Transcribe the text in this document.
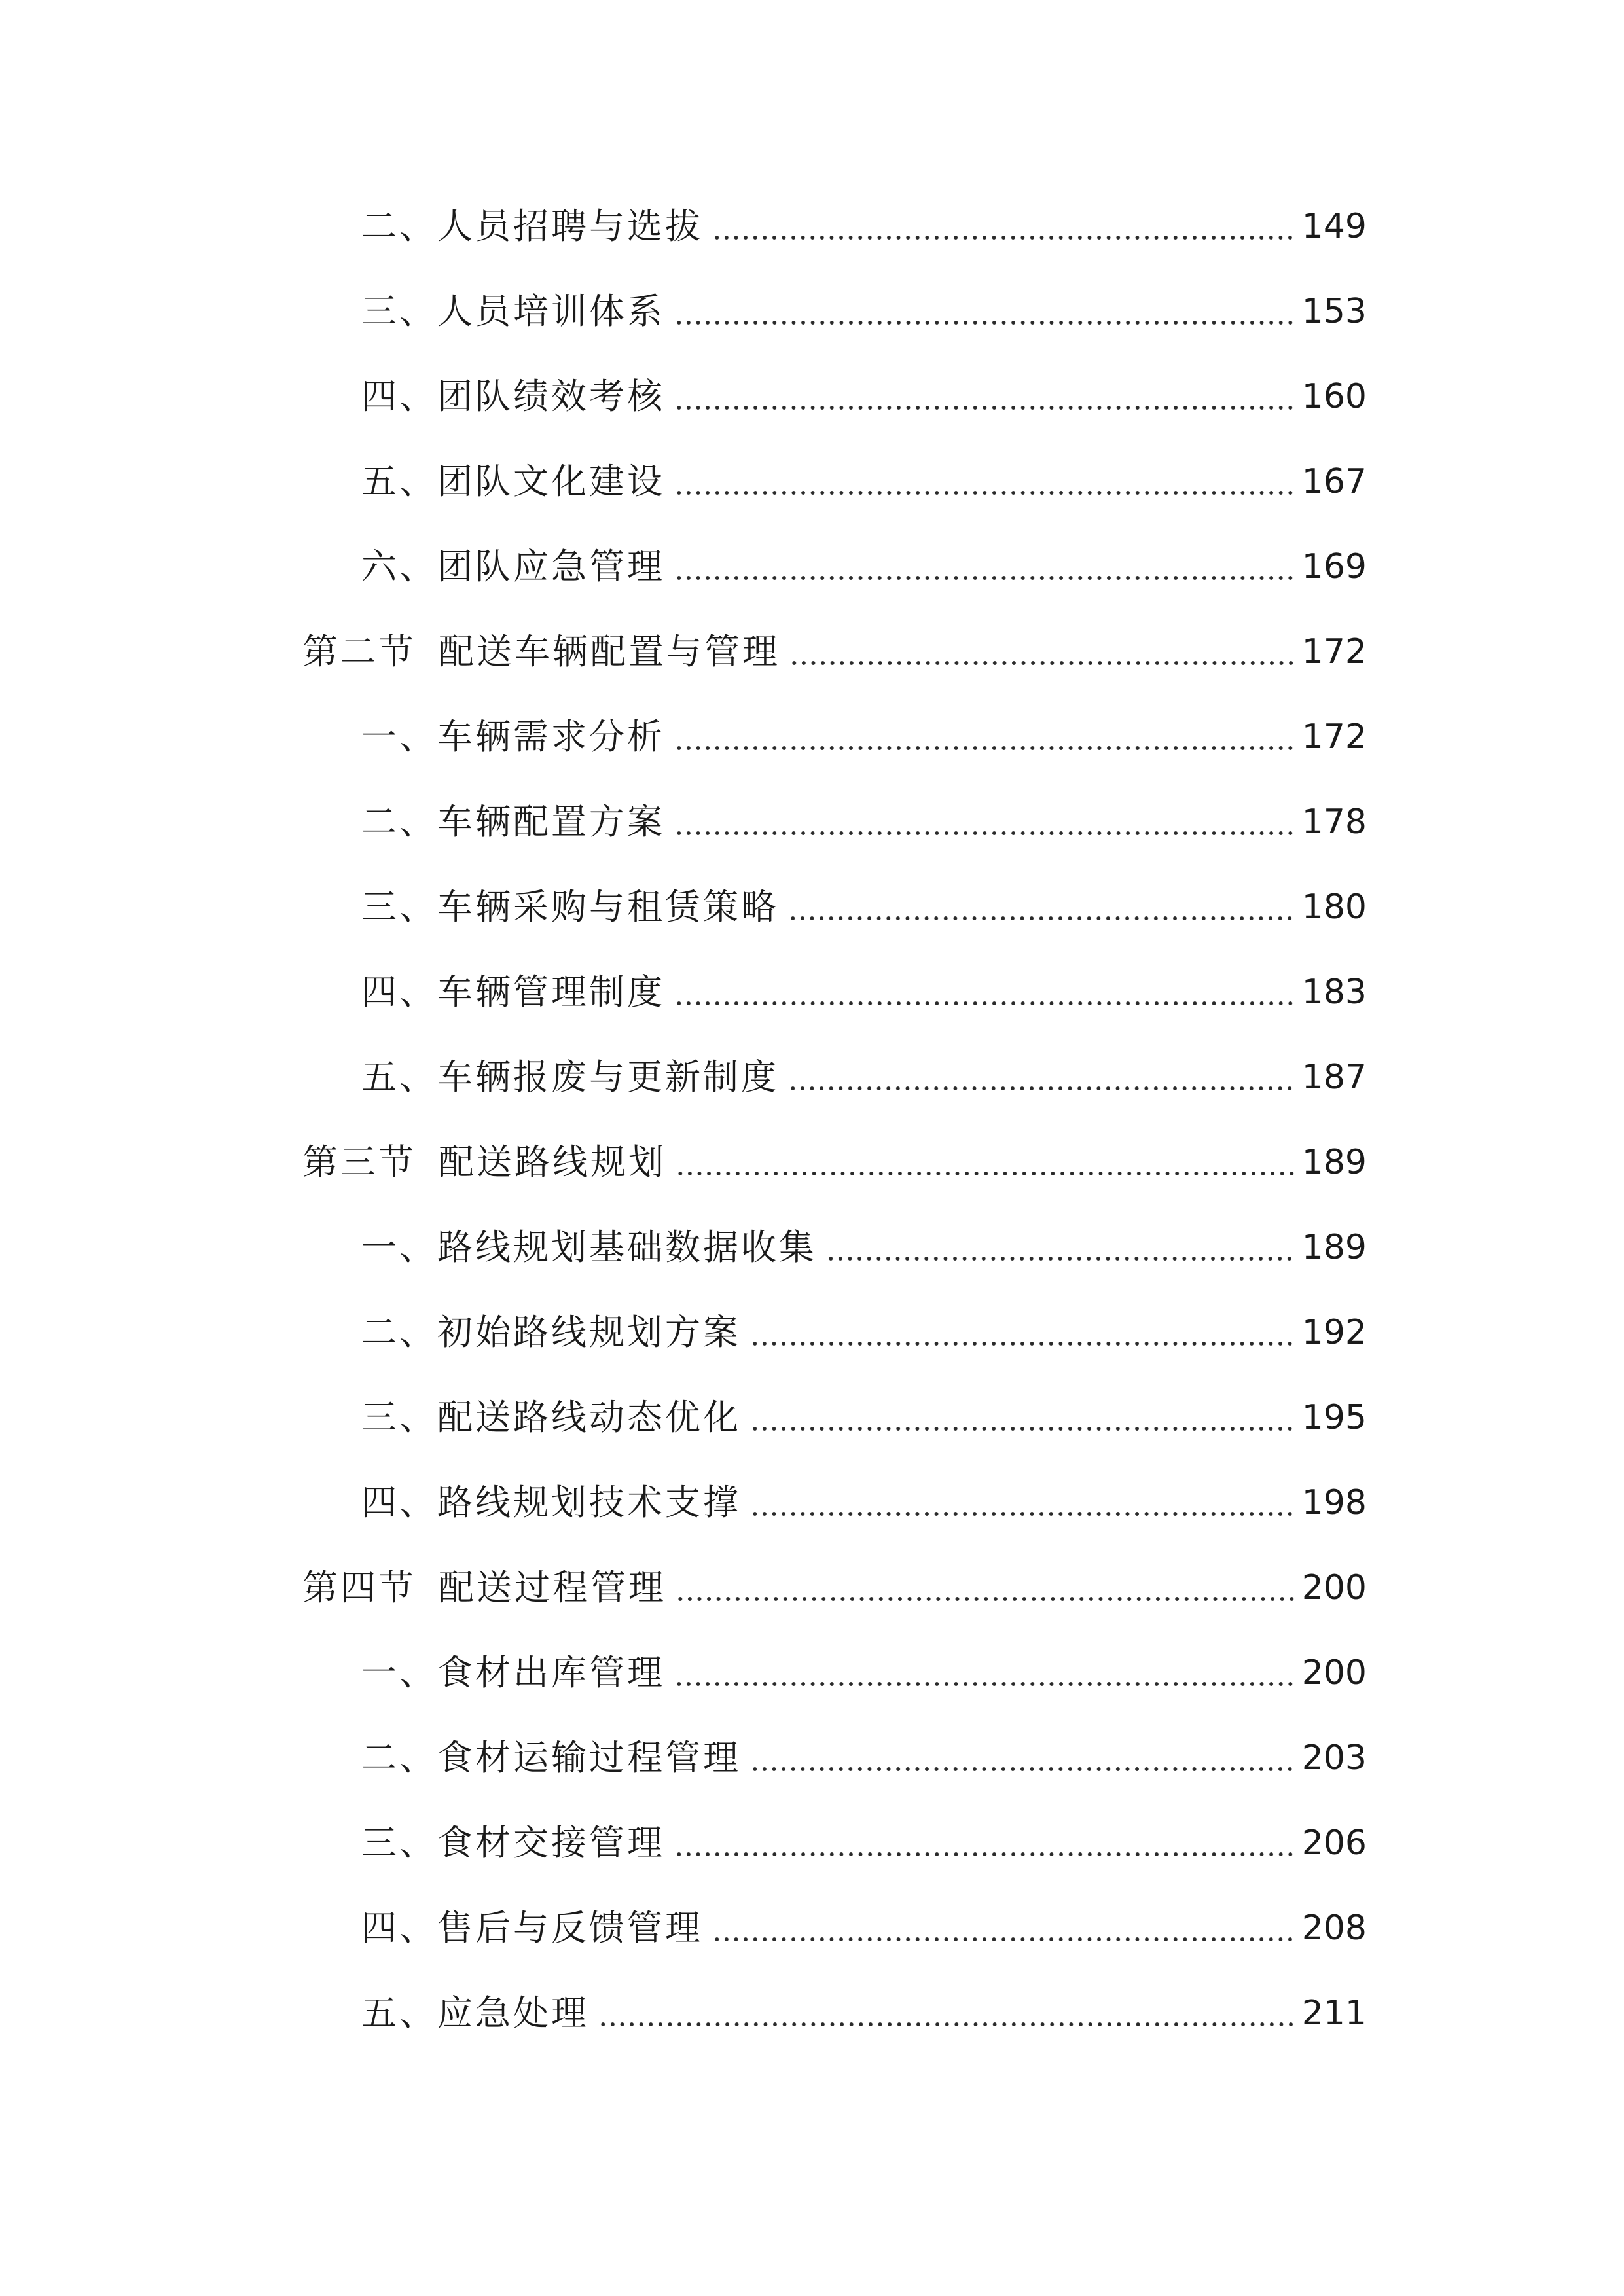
二、人员招聘与选拔	149
三、人员培训体系	153
四、团队绩效考核	160
五、团队文化建设	167
六、团队应急管理	169
第二节 配送车辆配置与管理	172
一、车辆需求分析	172
二、车辆配置方案	178
三、车辆采购与租赁策略	180
四、车辆管理制度	183
五、车辆报废与更新制度	187
第三节 配送路线规划	189
一、路线规划基础数据收集	189
二、初始路线规划方案	192
三、配送路线动态优化	195
四、路线规划技术支撑	198
第四节 配送过程管理	200
一、食材出库管理	200
二、食材运输过程管理	203
三、食材交接管理	206
四、售后与反馈管理	208
五、应急处理	211
